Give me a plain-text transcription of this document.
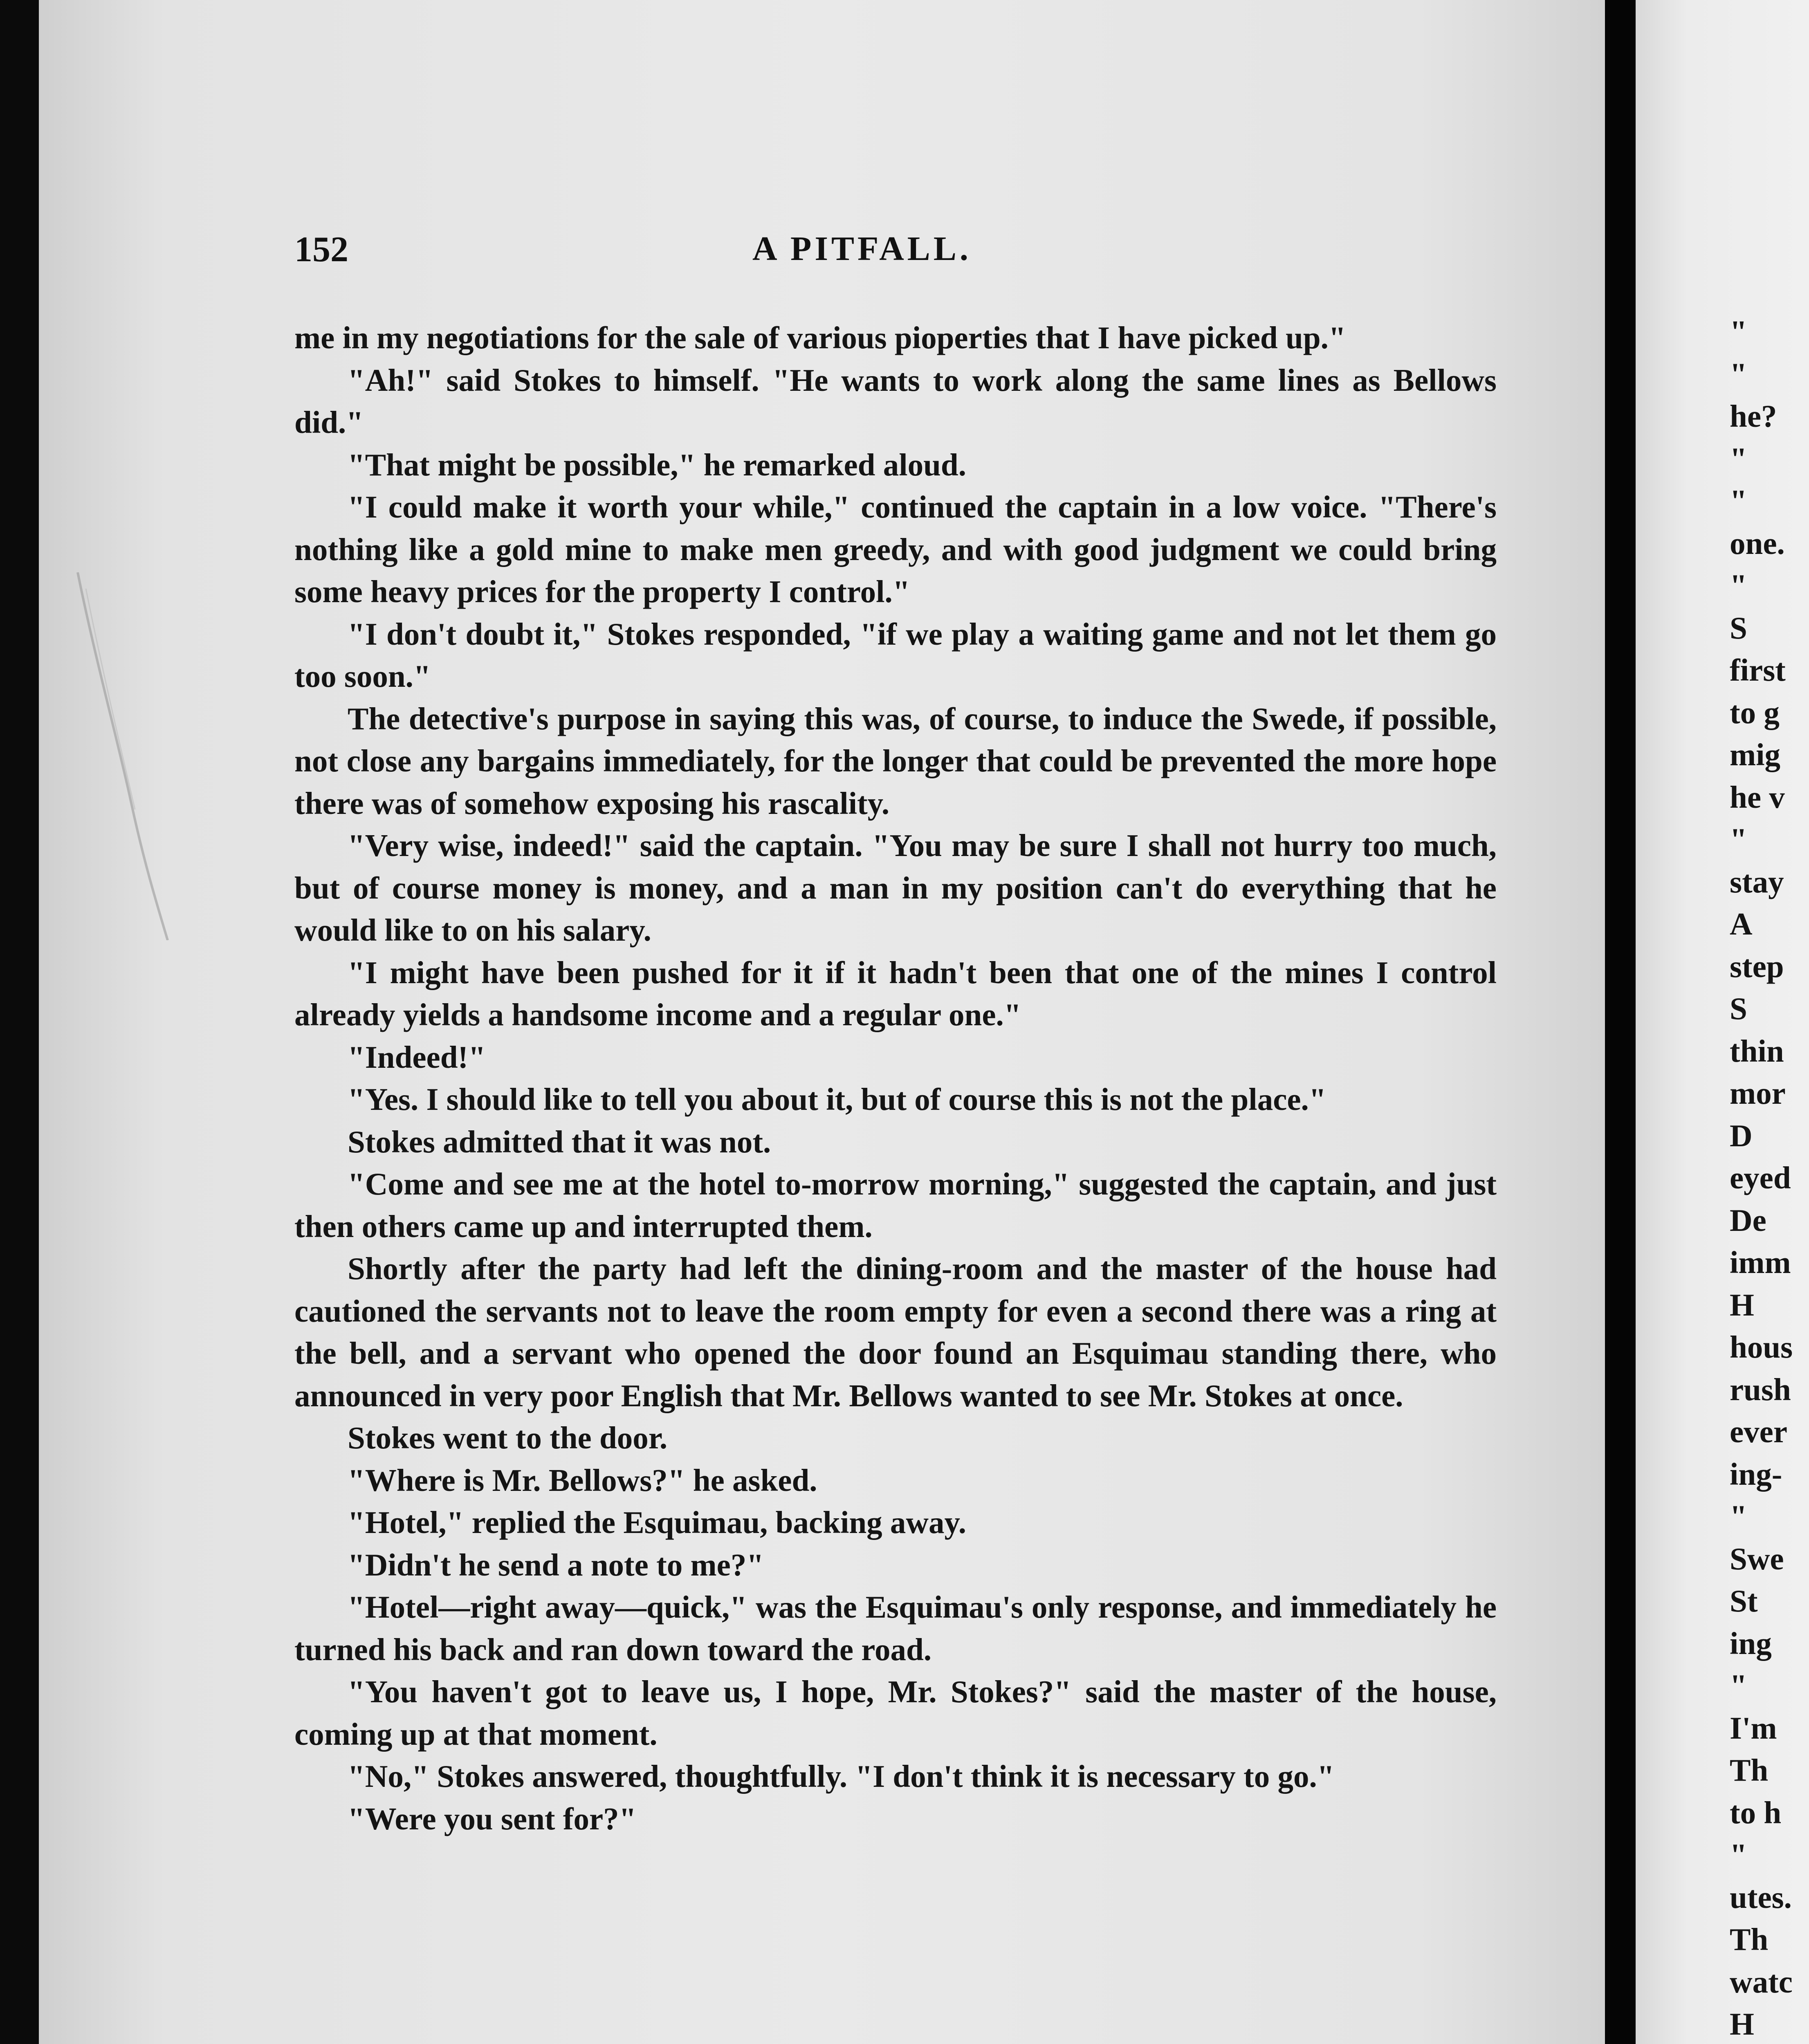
152	A PITFALL.

me in my negotiations for the sale of various pioperties that I have picked up."

"Ah!" said Stokes to himself. "He wants to work along the same lines as Bellows did."

"That might be possible," he remarked aloud.

"I could make it worth your while," continued the captain in a low voice. "There's nothing like a gold mine to make men greedy, and with good judgment we could bring some heavy prices for the property I control."

"I don't doubt it," Stokes responded, "if we play a waiting game and not let them go too soon."

The detective's purpose in saying this was, of course, to induce the Swede, if possible, not close any bargains immediately, for the longer that could be prevented the more hope there was of somehow exposing his rascality.

"Very wise, indeed!" said the captain. "You may be sure I shall not hurry too much, but of course money is money, and a man in my position can't do everything that he would like to on his salary.

"I might have been pushed for it if it hadn't been that one of the mines I control already yields a handsome income and a regular one."

"Indeed!"

"Yes. I should like to tell you about it, but of course this is not the place."

Stokes admitted that it was not.

"Come and see me at the hotel to-morrow morning," suggested the captain, and just then others came up and interrupted them.

Shortly after the party had left the dining-room and the master of the house had cautioned the servants not to leave the room empty for even a second there was a ring at the bell, and a servant who opened the door found an Esquimau standing there, who announced in very poor English that Mr. Bellows wanted to see Mr. Stokes at once.

Stokes went to the door.

"Where is Mr. Bellows?" he asked.

"Hotel," replied the Esquimau, backing away.

"Didn't he send a note to me?"

"Hotel—right away—quick," was the Esquimau's only response, and immediately he turned his back and ran down toward the road.

"You haven't got to leave us, I hope, Mr. Stokes?" said the master of the house, coming up at that moment.

"No," Stokes answered, thoughtfully. "I don't think it is necessary to go."

"Were you sent for?"

"
"
he?
"
"
one.
"
S
first
to g
mig
he v
"
stay
A
step
S
thin
mor
D
eyed
De
imm
H
hous
rush
ever
ing-
"
Swe
St
ing
"
I'm
Th
to h
"
utes.
Th
watc
H
